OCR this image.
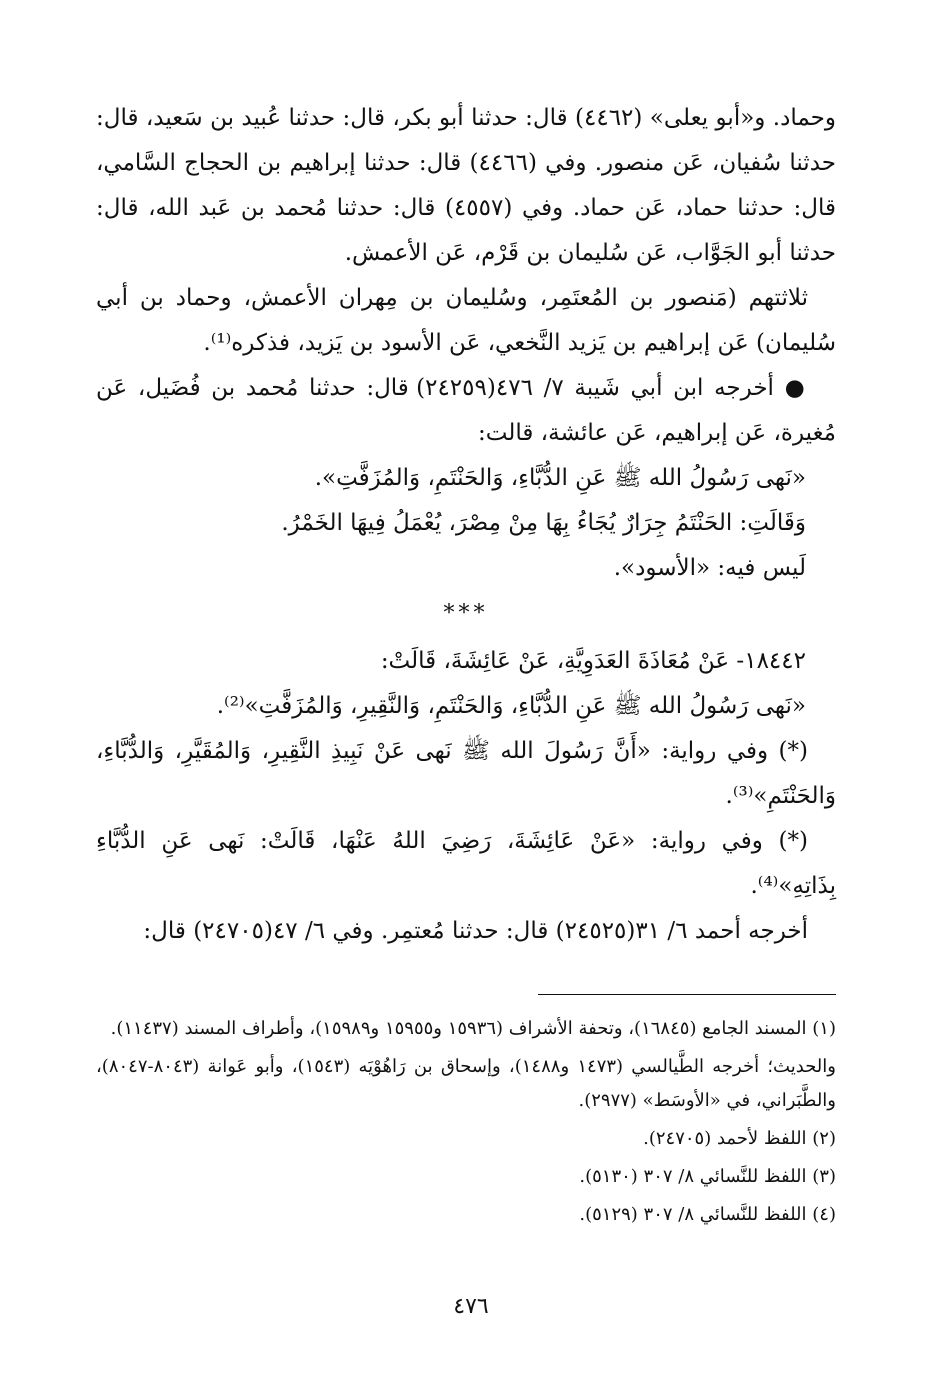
وحماد. و«أبو يعلى» (٤٤٦٢) قال: حدثنا أبو بكر، قال: حدثنا عُبيد بن سَعيد، قال: حدثنا سُفيان، عَن منصور. وفي (٤٤٦٦) قال: حدثنا إبراهيم بن الحجاج السَّامي، قال: حدثنا حماد، عَن حماد. وفي (٤٥٥٧) قال: حدثنا مُحمد بن عَبد الله، قال: حدثنا أبو الجَوَّاب، عَن سُليمان بن قَرْم، عَن الأعمش.

ثلاثتهم (مَنصور بن المُعتَمِر، وسُليمان بن مِهران الأعمش، وحماد بن أبي سُليمان) عَن إبراهيم بن يَزيد النَّخعي، عَن الأسود بن يَزيد، فذكره⁽¹⁾.

● أخرجه ابن أبي شَيبة ٧/ ٤٧٦(٢٤٢٥٩) قال: حدثنا مُحمد بن فُضَيل، عَن مُغيرة، عَن إبراهيم، عَن عائشة، قالت:

«نَهى رَسُولُ الله ﷺ عَنِ الدُّبَّاءِ، وَالحَنْتَمِ، وَالمُزَفَّتِ».

وَقَالَتِ: الحَنْتَمُ جِرَارٌ يُجَاءُ بِهَا مِنْ مِصْرَ، يُعْمَلُ فِيهَا الخَمْرُ.

لَيس فيه: «الأسود».

***

١٨٤٤٢- عَنْ مُعَاذَةَ العَدَوِيَّةِ، عَنْ عَائِشَةَ، قَالَتْ:

«نَهى رَسُولُ الله ﷺ عَنِ الدُّبَّاءِ، وَالحَنْتَمِ، وَالنَّقِيرِ، وَالمُزَفَّتِ»⁽²⁾.

(*) وفي رواية: «أَنَّ رَسُولَ الله ﷺ نَهى عَنْ نَبِيذِ النَّقِيرِ، وَالمُقَيَّرِ، وَالدُّبَّاءِ، وَالحَنْتَمِ»⁽³⁾.

(*) وفي رواية: «عَنْ عَائِشَةَ، رَضِيَ اللهُ عَنْهَا، قَالَتْ: نَهى عَنِ الدُّبَّاءِ بِذَاتِهِ»⁽⁴⁾.

أخرجه أحمد ٦/ ٣١(٢٤٥٢٥) قال: حدثنا مُعتمِر. وفي ٦/ ٤٧(٢٤٧٠٥) قال:

(١) المسند الجامع (١٦٨٤٥)، وتحفة الأشراف (١٥٩٣٦ و١٥٩٥٥ و١٥٩٨٩)، وأطراف المسند (١١٤٣٧).

والحديث؛ أخرجه الطَّيالسي (١٤٧٣ و١٤٨٨)، وإسحاق بن رَاهُوْيَه (١٥٤٣)، وأبو عَوانة (٨٠٤٣-٨٠٤٧)، والطَّبَراني، في «الأوسَط» (٢٩٧٧).

(٢) اللفظ لأحمد (٢٤٧٠٥).

(٣) اللفظ للنَّسائي ٨/ ٣٠٧ (٥١٣٠).

(٤) اللفظ للنَّسائي ٨/ ٣٠٧ (٥١٢٩).

٤٧٦
